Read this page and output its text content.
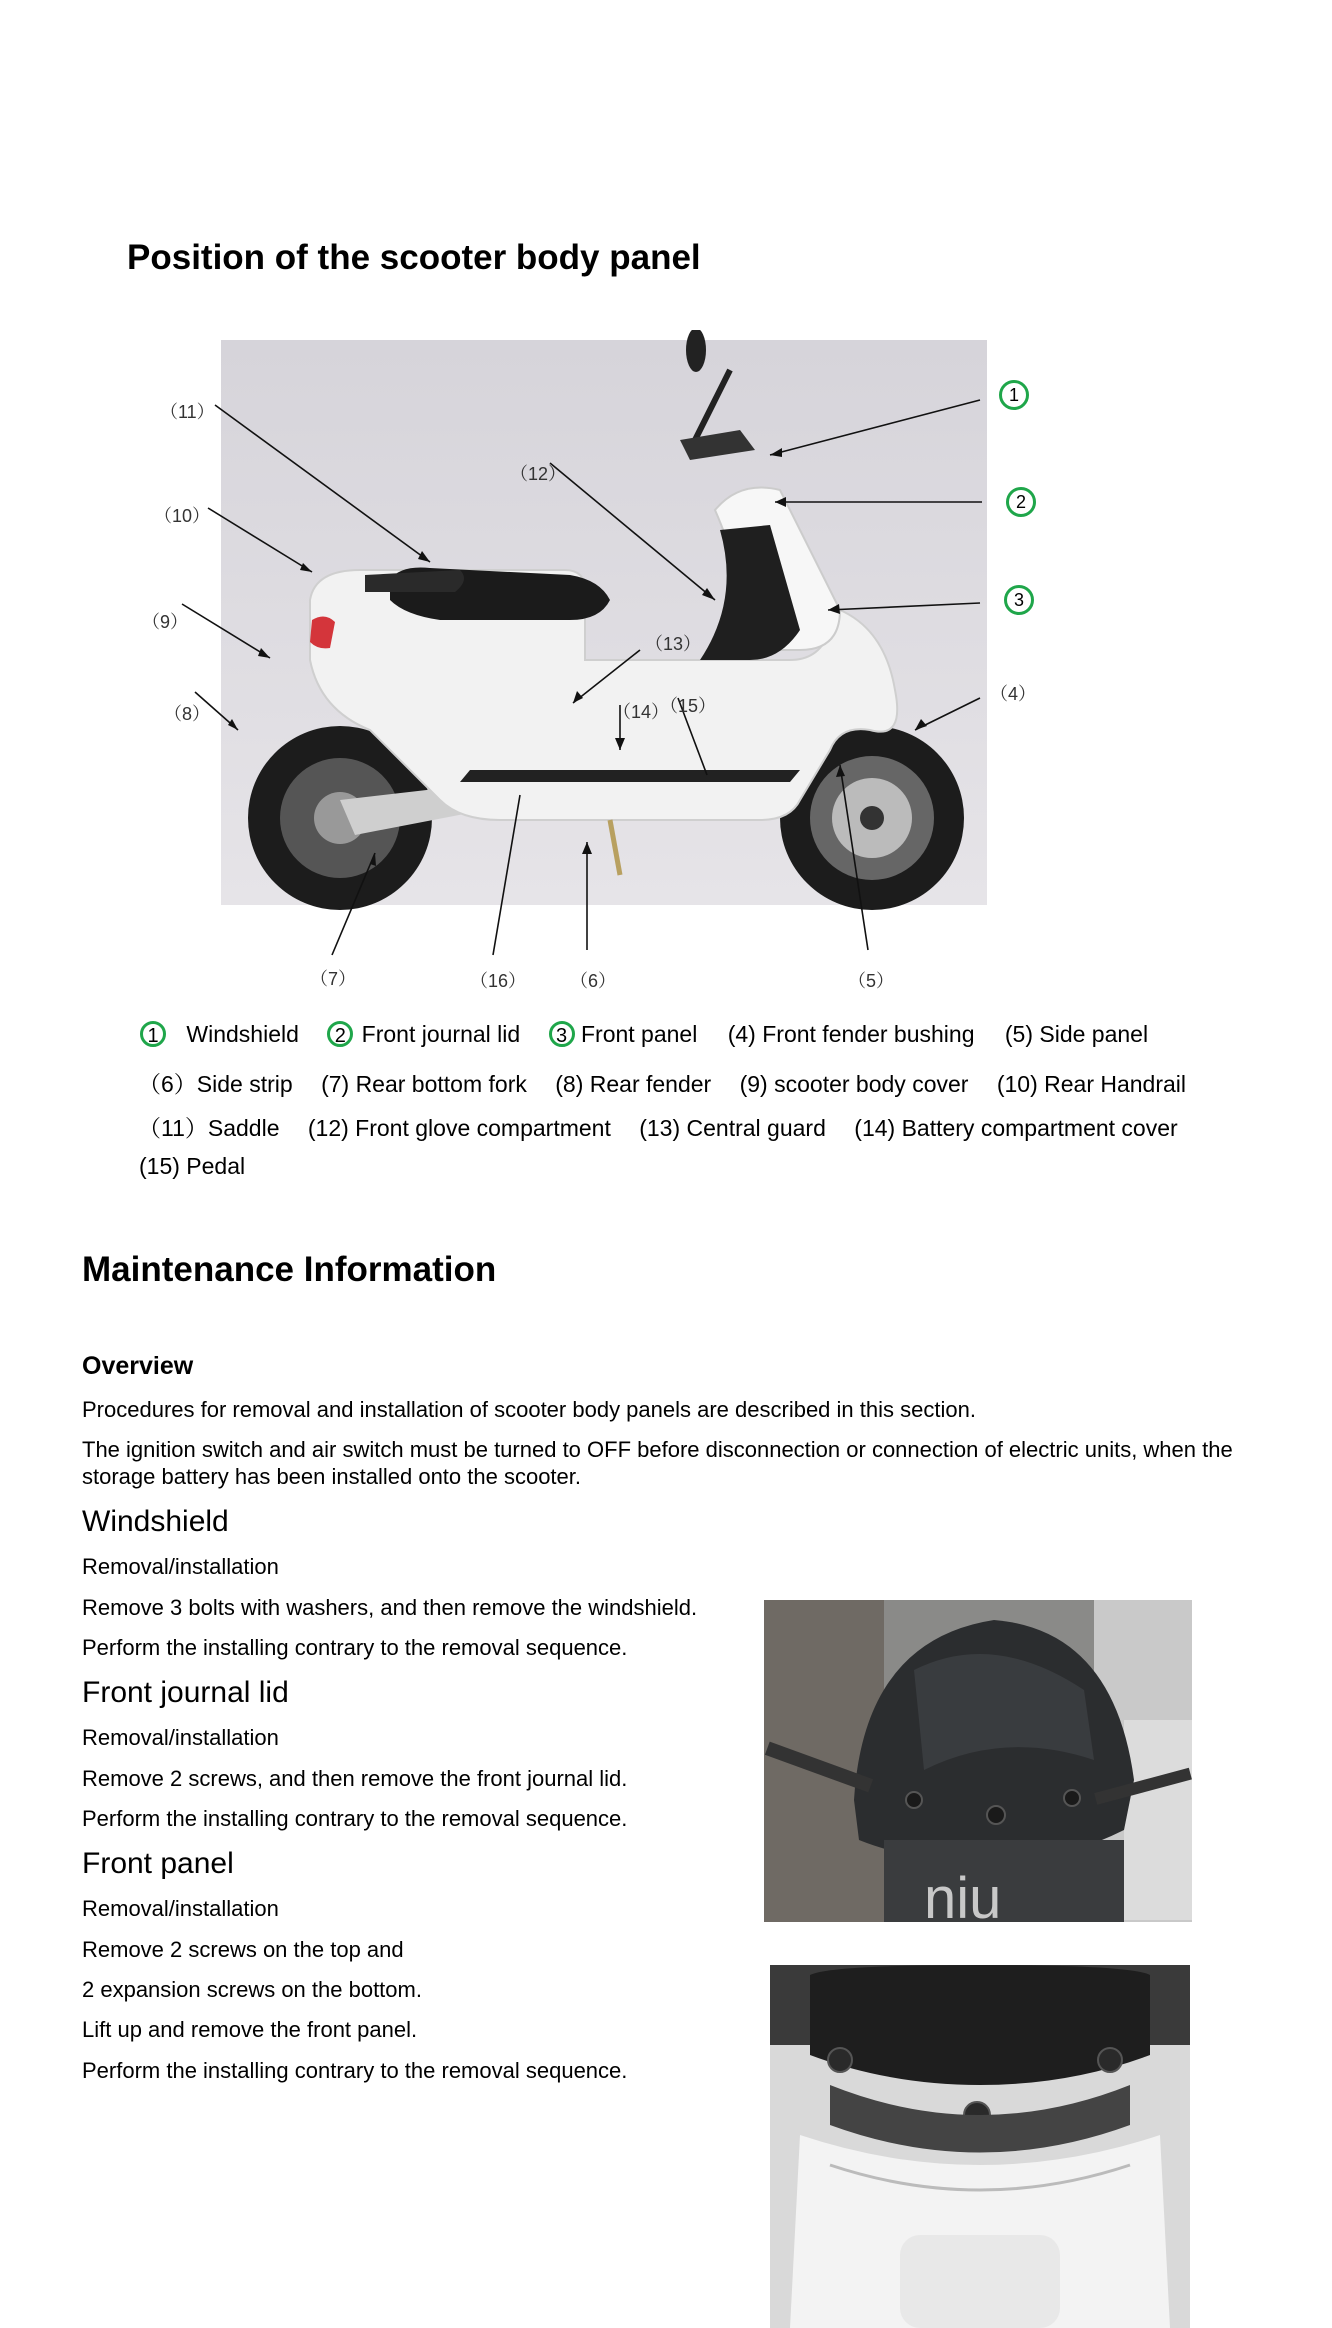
Position of the scooter body panel
（11）
（10）
（9）
（8）
（12）
（13）
（14）
（15）
（4）
（7）	（16） （6）	（5）
1
2
3
1 Windshield 2 Front journal lid 3 Front panel (4) Front fender bushing (5) Side panel
（6）Side strip (7) Rear bottom fork (8) Rear fender (9) scooter body cover (10) Rear Handrail
（11）Saddle (12) Front glove compartment (13) Central guard (14) Battery compartment cover
(15) Pedal
Maintenance Information
Overview
Procedures for removal and installation of scooter body panels are described in this section.
The ignition switch and air switch must be turned to OFF before disconnection or connection of electric units, when the storage battery has been installed onto the scooter.
Windshield
Removal/installation
Remove 3 bolts with washers, and then remove the windshield.
Perform the installing contrary to the removal sequence.
Front journal lid
Removal/installation
Remove 2 screws, and then remove the front journal lid.
Perform the installing contrary to the removal sequence.
Front panel
Removal/installation
Remove 2 screws on the top and
2 expansion screws on the bottom.
Lift up and remove the front panel.
Perform the installing contrary to the removal sequence.
niu
